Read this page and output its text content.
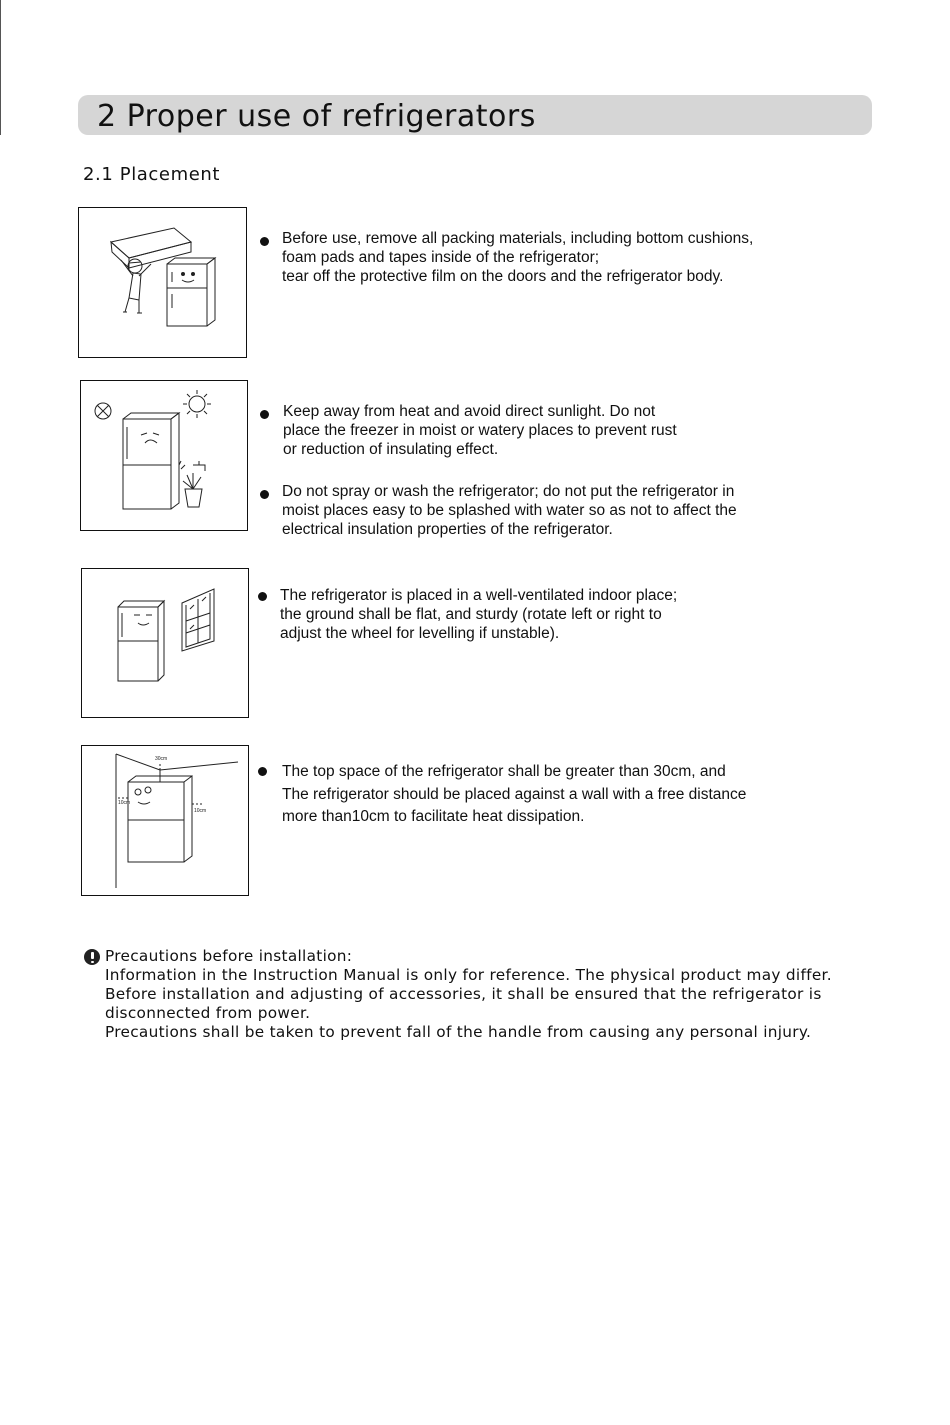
2 Proper use of refrigerators
2.1 Placement
Before use, remove all packing materials, including bottom cushions,
foam pads and tapes inside of the refrigerator;
tear off the protective film on the doors and the refrigerator body.
Keep away from heat and avoid direct sunlight. Do not
place the freezer in moist or watery places to prevent rust
or reduction of insulating effect.
Do not spray or wash the refrigerator; do not put the refrigerator in
moist places easy to be splashed with water so as not to affect the
electrical insulation properties of the refrigerator.
The refrigerator is placed in a well-ventilated indoor place;
the ground shall be flat, and sturdy (rotate left or right to
adjust the wheel for levelling if unstable).
30cm
10cm
10cm
The top space of the refrigerator shall be greater than 30cm, and
The refrigerator should be placed against a wall with a free distance
more than10cm to facilitate heat dissipation.
Precautions before installation:
Information in the Instruction Manual is only for reference. The physical product may differ.
Before installation and adjusting of accessories, it shall be ensured that the refrigerator is
disconnected from power.
Precautions shall be taken to prevent fall of the handle from causing any personal injury.
